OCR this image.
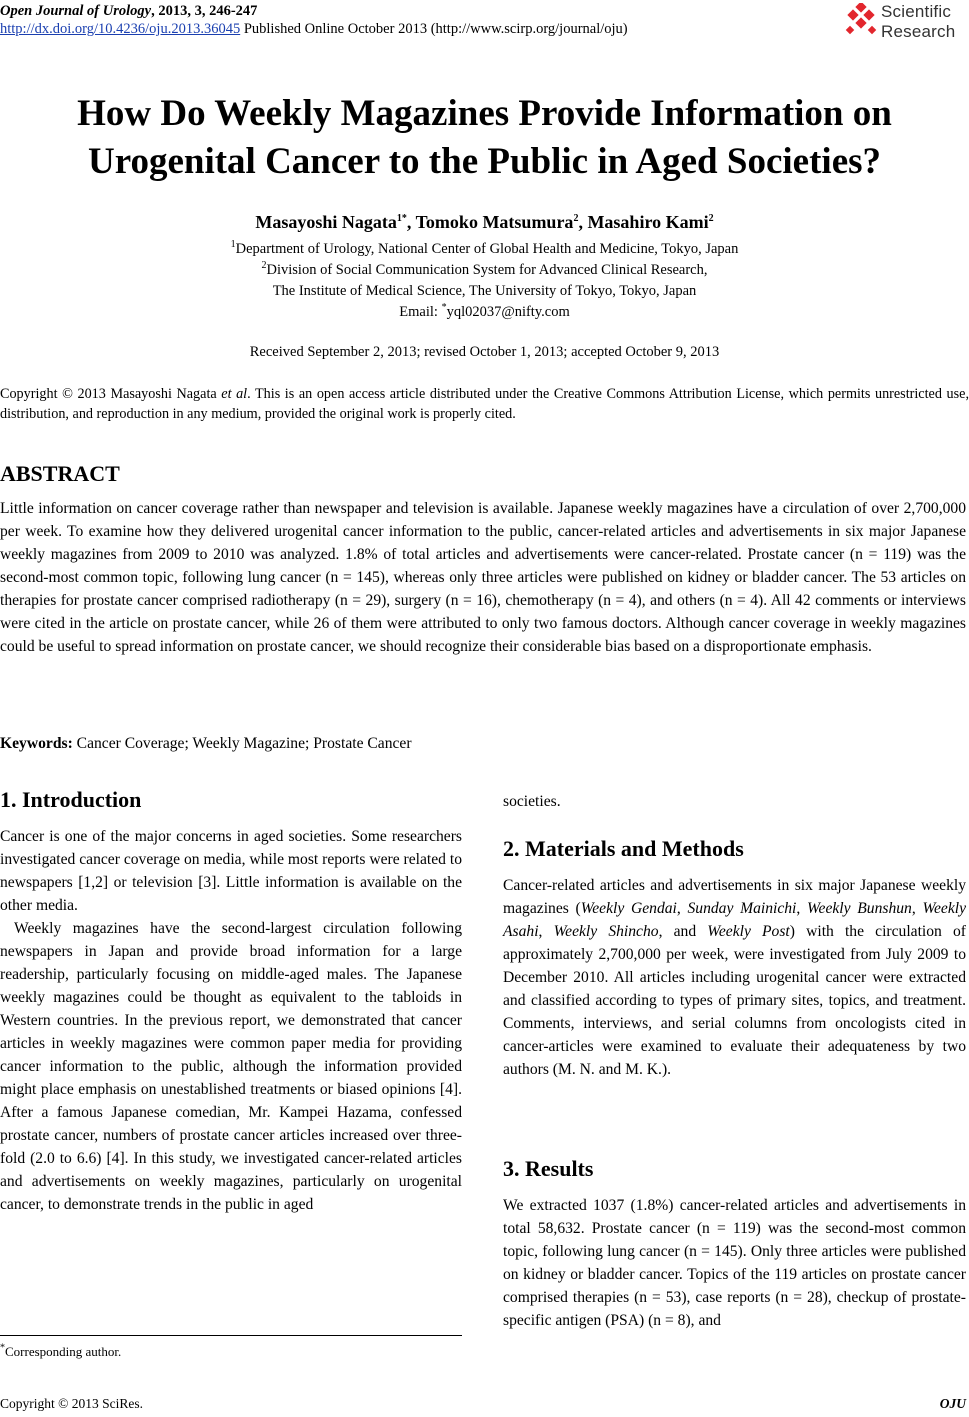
Open Journal of Urology, 2013, 3, 246-247
http://dx.doi.org/10.4236/oju.2013.36045 Published Online October 2013 (http://www.scirp.org/journal/oju)
Scientific
Research
How Do Weekly Magazines Provide Information on
Urogenital Cancer to the Public in Aged Societies?
Masayoshi Nagata$^{1*}$, Tomoko Matsumura$^2$, Masahiro Kami$^2$
$^1$Department of Urology, National Center of Global Health and Medicine, Tokyo, Japan
$^2$Division of Social Communication System for Advanced Clinical Research,
The Institute of Medical Science, The University of Tokyo, Tokyo, Japan
Email: *yql02037@nifty.com
Received September 2, 2013; revised October 1, 2013; accepted October 9, 2013
Copyright © 2013 Masayoshi Nagata et al. This is an open access article distributed under the Creative Commons Attribution License, which permits unrestricted use, distribution, and reproduction in any medium, provided the original work is properly cited.
ABSTRACT

Little information on cancer coverage rather than newspaper and television is available. Japanese weekly magazines have a circulation of over 2,700,000 per week. To examine how they delivered urogenital cancer information to the public, cancer-related articles and advertisements in six major Japanese weekly magazines from 2009 to 2010 was analyzed. 1.8% of total articles and advertisements were cancer-related. Prostate cancer (n = 119) was the second-most common topic, following lung cancer (n = 145), whereas only three articles were published on kidney or bladder cancer. The 53 articles on therapies for prostate cancer comprised radiotherapy (n = 29), surgery (n = 16), chemotherapy (n = 4), and others (n = 4). All 42 comments or interviews were cited in the article on prostate cancer, while 26 of them were attributed to only two famous doctors. Although cancer coverage in weekly magazines could be useful to spread information on prostate cancer, we should recognize their considerable bias based on a disproportionate emphasis.

Keywords: Cancer Coverage; Weekly Magazine; Prostate Cancer
1. Introduction

Cancer is one of the major concerns in aged societies. Some researchers investigated cancer coverage on media, while most reports were related to newspapers [1,2] or television [3]. Little information is available on the other media.

Weekly magazines have the second-largest circulation following newspapers in Japan and provide broad information for a large readership, particularly focusing on middle-aged males. The Japanese weekly magazines could be thought as equivalent to the tabloids in Western countries. In the previous report, we demonstrated that cancer articles in weekly magazines were common paper media for providing cancer information to the public, although the information provided might place emphasis on unestablished treatments or biased opinions [4]. After a famous Japanese comedian, Mr. Kampei Hazama, confessed prostate cancer, numbers of prostate cancer articles increased over three-fold (2.0 to 6.6) [4]. In this study, we investigated cancer-related articles and advertisements on weekly magazines, particularly on urogenital cancer, to demonstrate trends in the public in aged

*Corresponding author.

societies.

2. Materials and Methods

Cancer-related articles and advertisements in six major Japanese weekly magazines (Weekly Gendai, Sunday Mainichi, Weekly Bunshun, Weekly Asahi, Weekly Shincho, and Weekly Post) with the circulation of approximately 2,700,000 per week, were investigated from July 2009 to December 2010. All articles including urogenital cancer were extracted and classified according to types of primary sites, topics, and treatment. Comments, interviews, and serial columns from oncologists cited in cancer-articles were examined to evaluate their adequateness by two authors (M. N. and M. K.).

3. Results

We extracted 1037 (1.8%) cancer-related articles and advertisements in total 58,632. Prostate cancer (n = 119) was the second-most common topic, following lung cancer (n = 145). Only three articles were published on kidney or bladder cancer. Topics of the 119 articles on prostate cancer comprised therapies (n = 53), case reports (n = 28), checkup of prostate-specific antigen (PSA) (n = 8), and

Copyright © 2013 SciRes.	OJU
